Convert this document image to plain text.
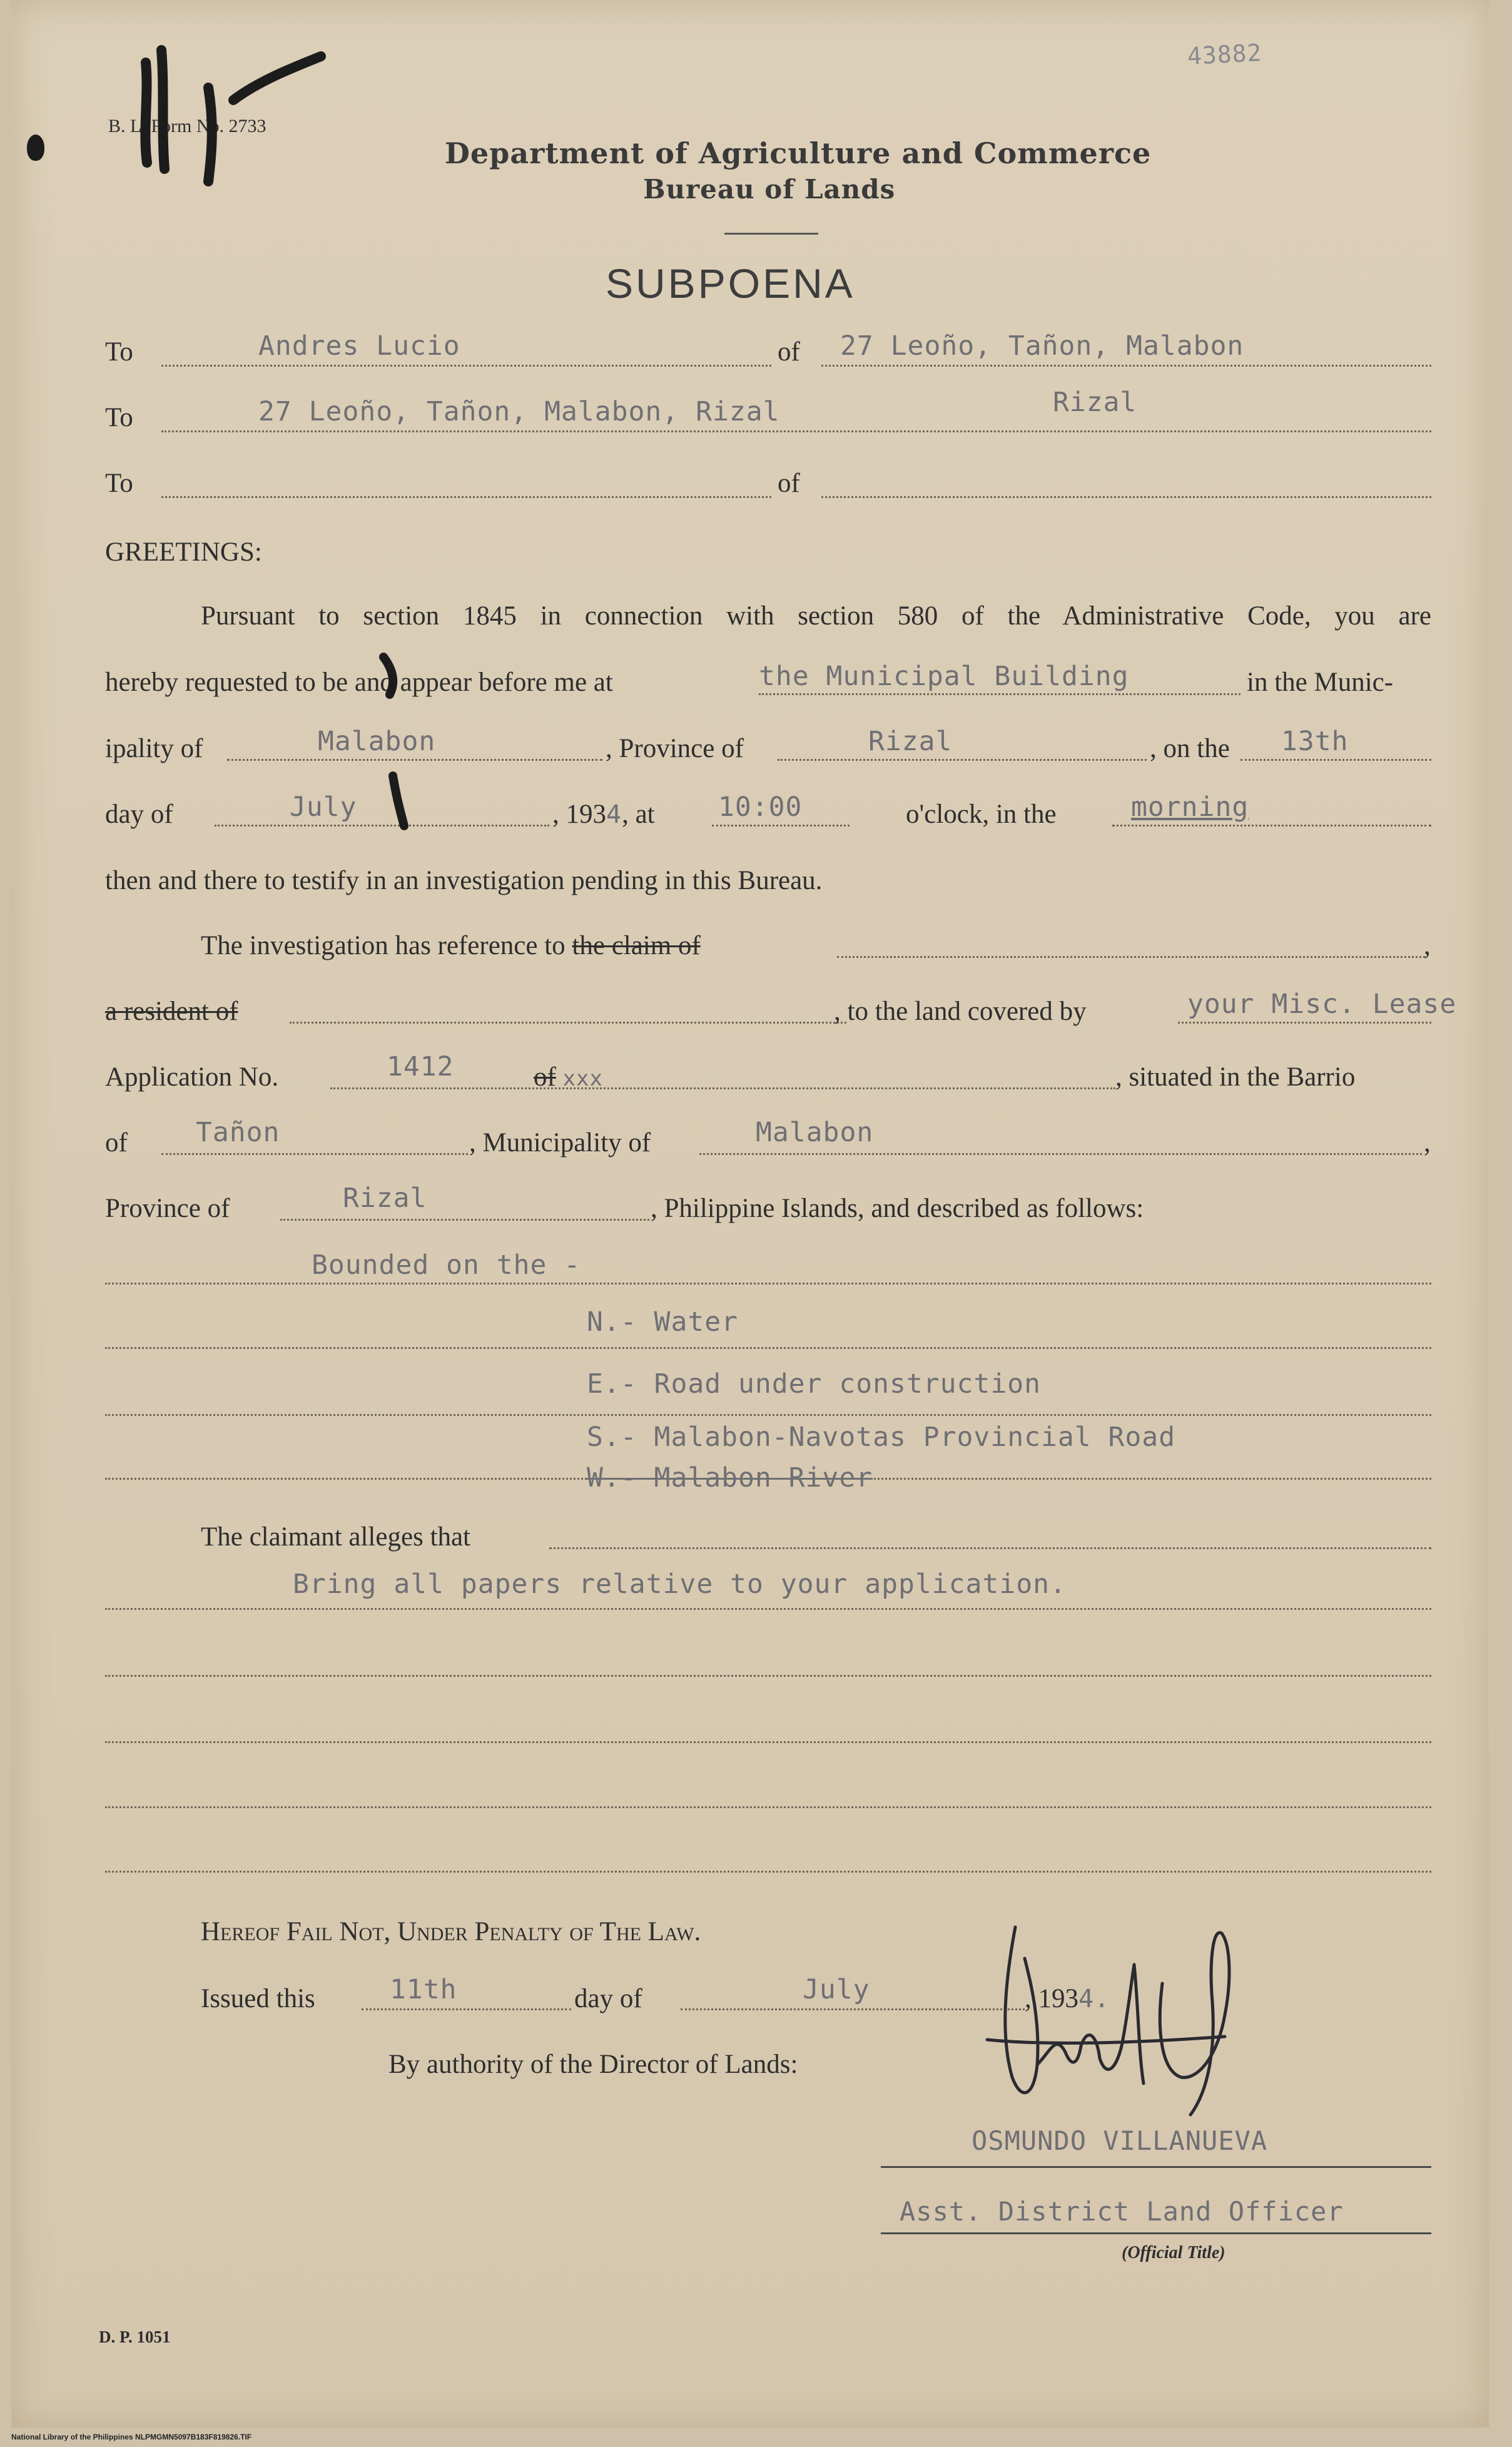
B. L. Form No. 2733
43882
Department of Agriculture and Commerce
Bureau of Lands
SUBPOENA
To	Andres Lucio	of 27 Leoño, Tañon, Malabon
To	27 Leoño, Tañon, Malabon, Rizal	Rizal
To	of
GREETINGS:
Pursuant to section 1845 in connection with section 580 of the Administrative Code, you are
hereby requested to be and appear before me at	the Municipal Building	in the Munic-
ipality of	Malabon	, Province of	Rizal	, on the 13th
day of	July	, 1934, at 10:00	o'clock, in the	morning
then and there to testify in an investigation pending in this Bureau.
The investigation has reference to the claim of	,
a resident of	, to the land covered by	your Misc. Lease
Application No.	1412	of xxx	, situated in the Barrio
of	Tañon	, Municipality of	Malabon	,
Province of	Rizal	, Philippine Islands, and described as follows:
Bounded on the -
N.- Water
E.- Road under construction
S.- Malabon-Navotas Provincial Road
W.- Malabon River
The claimant alleges that
Bring all papers relative to your application.
Hereof Fail Not, Under Penalty of The Law.
Issued this	11th	day of	July	, 1934.
By authority of the Director of Lands:
OSMUNDO VILLANUEVA
Asst. District Land Officer
(Official Title)
D. P. 1051
National Library of the Philippines NLPMGMN5097B183F819826.TIF
